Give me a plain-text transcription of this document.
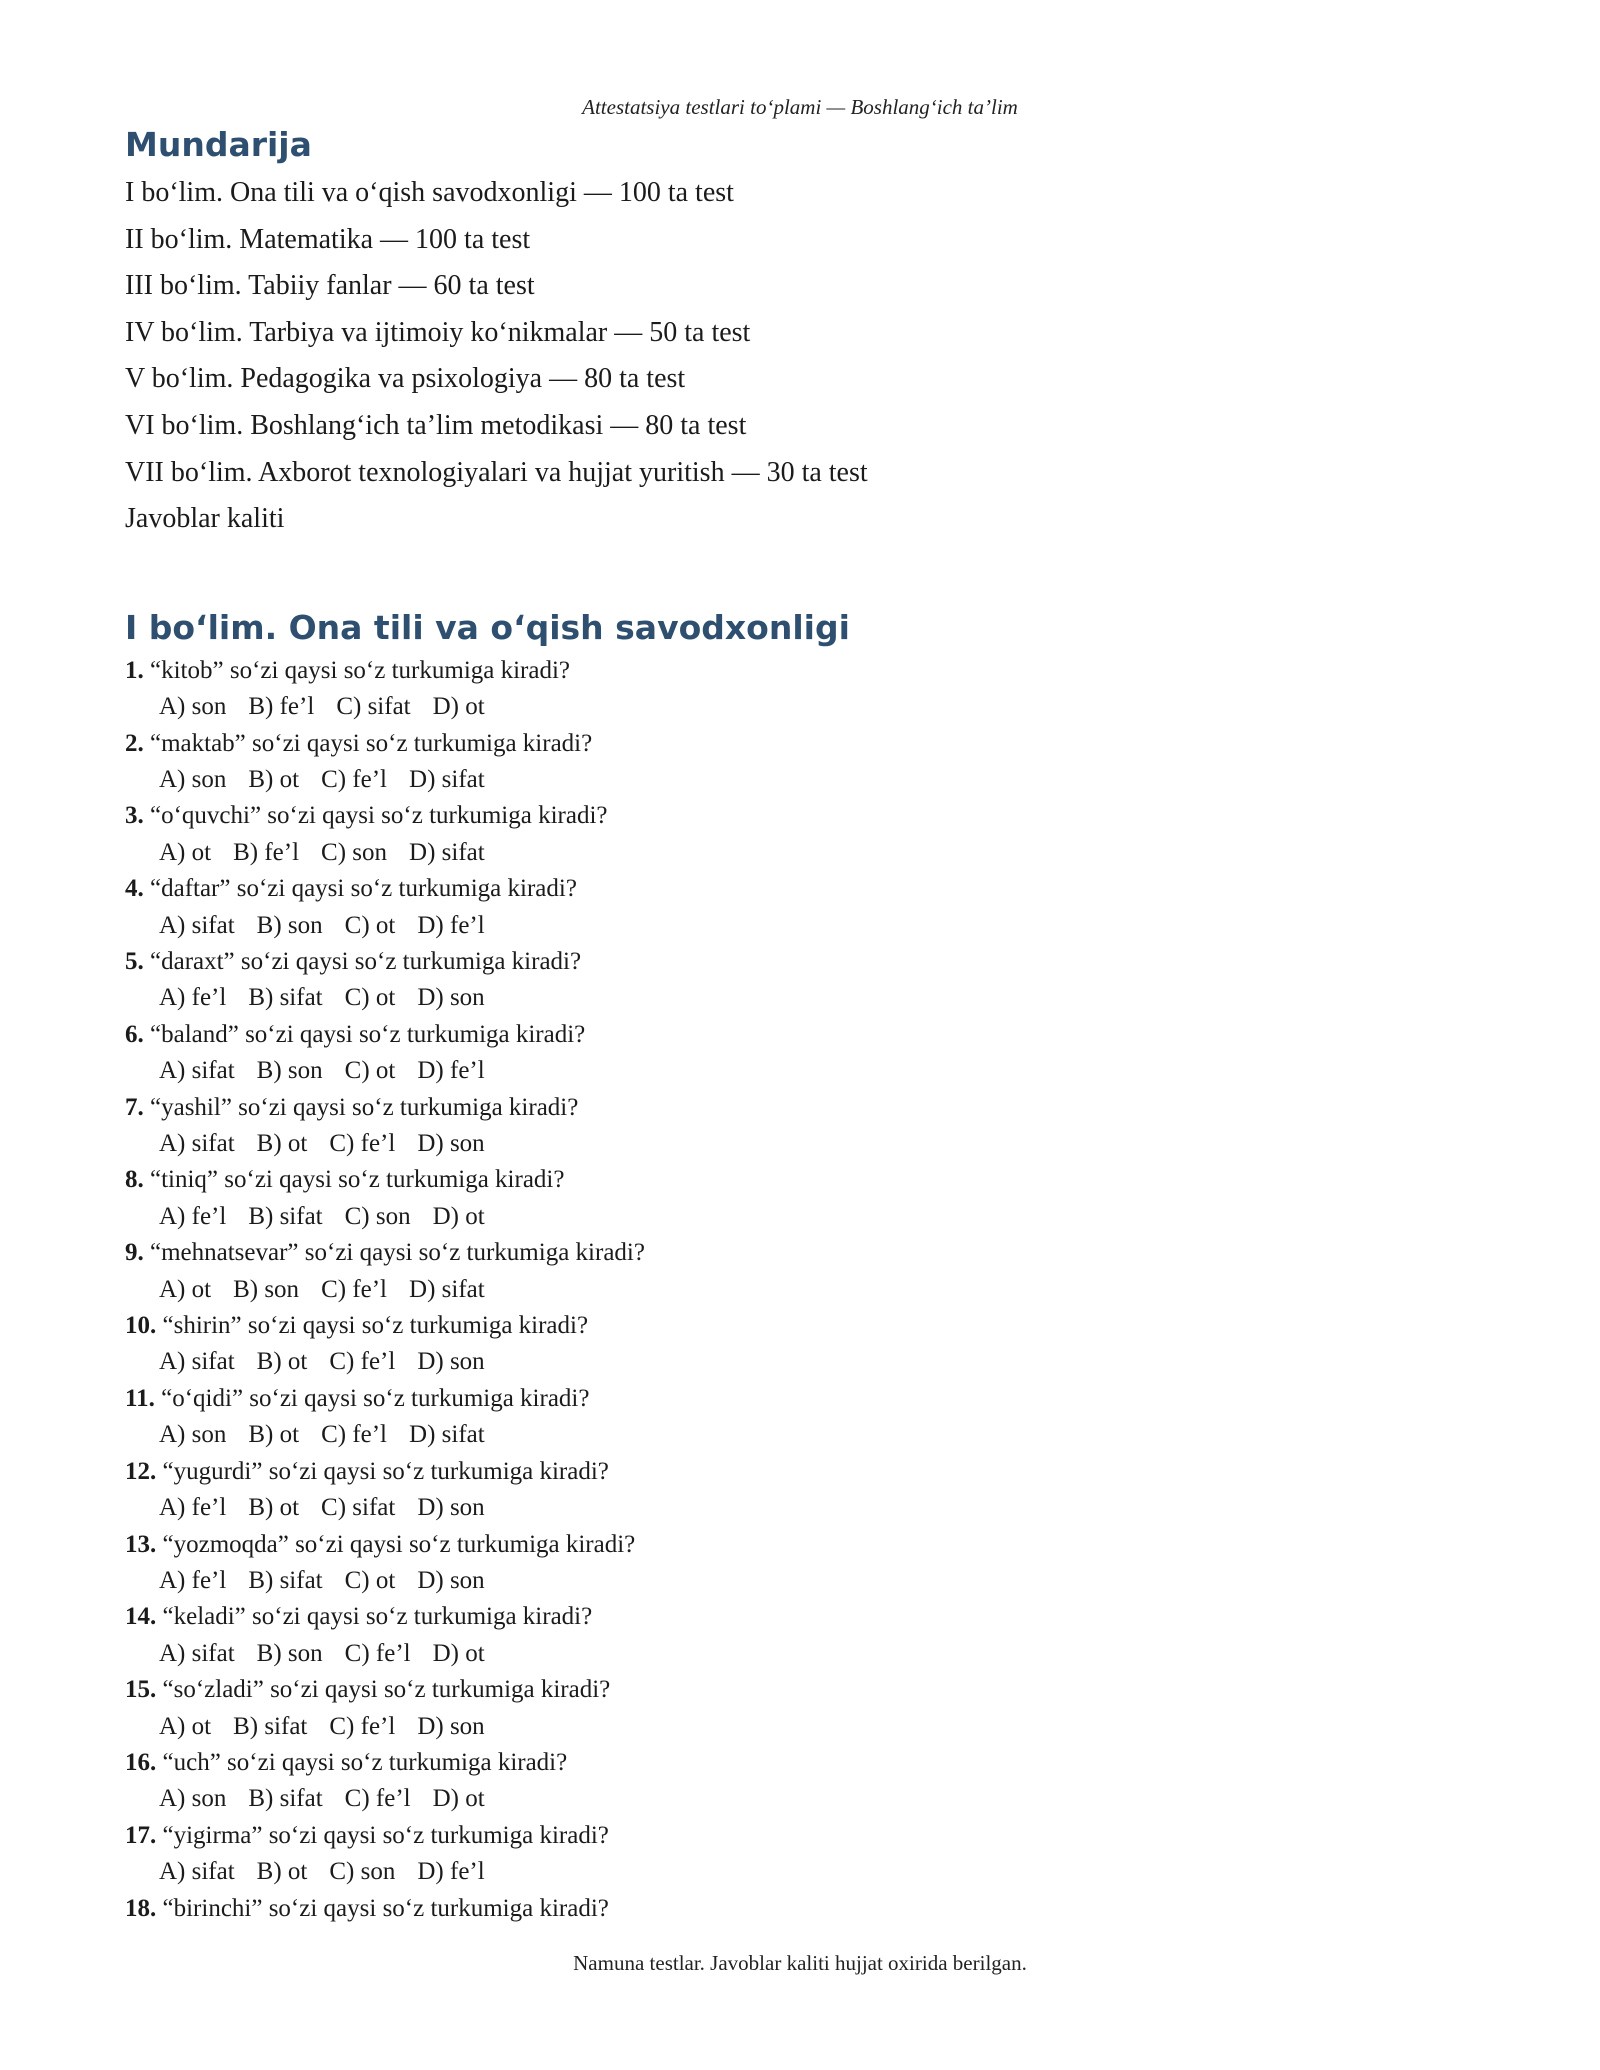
Attestatsiya testlari to‘plami — Boshlang‘ich ta’lim
Mundarija
I bo‘lim. Ona tili va o‘qish savodxonligi — 100 ta test
II bo‘lim. Matematika — 100 ta test
III bo‘lim. Tabiiy fanlar — 60 ta test
IV bo‘lim. Tarbiya va ijtimoiy ko‘nikmalar — 50 ta test
V bo‘lim. Pedagogika va psixologiya — 80 ta test
VI bo‘lim. Boshlang‘ich ta’lim metodikasi — 80 ta test
VII bo‘lim. Axborot texnologiyalari va hujjat yuritish — 30 ta test
Javoblar kaliti
I bo‘lim. Ona tili va o‘qish savodxonligi
1. “kitob” so‘zi qaysi so‘z turkumiga kiradi?
A) son B) fe’l C) sifat D) ot
2. “maktab” so‘zi qaysi so‘z turkumiga kiradi?
A) son B) ot C) fe’l D) sifat
3. “o‘quvchi” so‘zi qaysi so‘z turkumiga kiradi?
A) ot B) fe’l C) son D) sifat
4. “daftar” so‘zi qaysi so‘z turkumiga kiradi?
A) sifat B) son C) ot D) fe’l
5. “daraxt” so‘zi qaysi so‘z turkumiga kiradi?
A) fe’l B) sifat C) ot D) son
6. “baland” so‘zi qaysi so‘z turkumiga kiradi?
A) sifat B) son C) ot D) fe’l
7. “yashil” so‘zi qaysi so‘z turkumiga kiradi?
A) sifat B) ot C) fe’l D) son
8. “tiniq” so‘zi qaysi so‘z turkumiga kiradi?
A) fe’l B) sifat C) son D) ot
9. “mehnatsevar” so‘zi qaysi so‘z turkumiga kiradi?
A) ot B) son C) fe’l D) sifat
10. “shirin” so‘zi qaysi so‘z turkumiga kiradi?
A) sifat B) ot C) fe’l D) son
11. “o‘qidi” so‘zi qaysi so‘z turkumiga kiradi?
A) son B) ot C) fe’l D) sifat
12. “yugurdi” so‘zi qaysi so‘z turkumiga kiradi?
A) fe’l B) ot C) sifat D) son
13. “yozmoqda” so‘zi qaysi so‘z turkumiga kiradi?
A) fe’l B) sifat C) ot D) son
14. “keladi” so‘zi qaysi so‘z turkumiga kiradi?
A) sifat B) son C) fe’l D) ot
15. “so‘zladi” so‘zi qaysi so‘z turkumiga kiradi?
A) ot B) sifat C) fe’l D) son
16. “uch” so‘zi qaysi so‘z turkumiga kiradi?
A) son B) sifat C) fe’l D) ot
17. “yigirma” so‘zi qaysi so‘z turkumiga kiradi?
A) sifat B) ot C) son D) fe’l
18. “birinchi” so‘zi qaysi so‘z turkumiga kiradi?
Namuna testlar. Javoblar kaliti hujjat oxirida berilgan.
